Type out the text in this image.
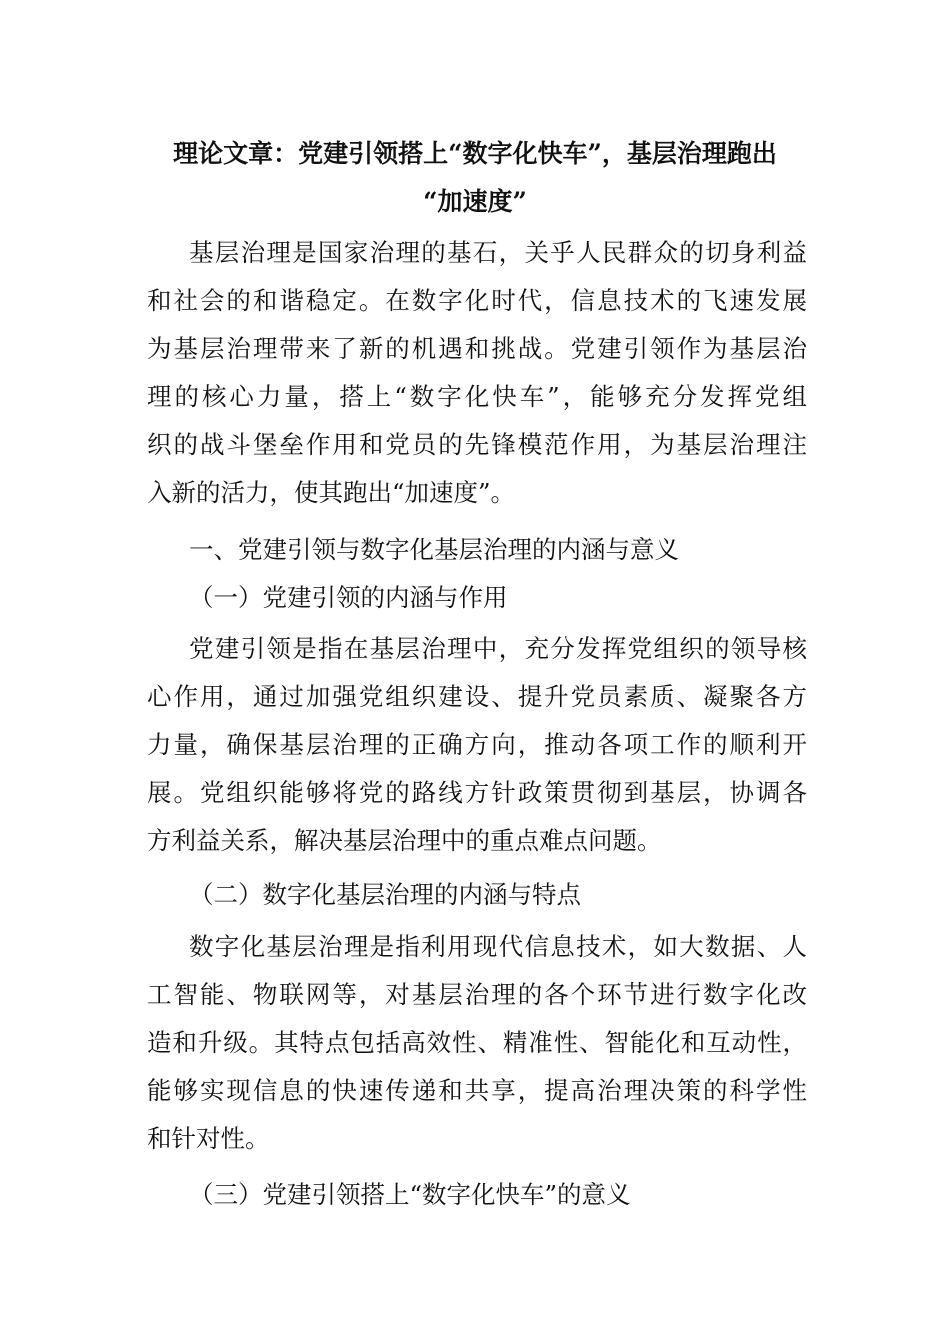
理论文章：党建引领搭上“数字化快车”，基层治理跑出
“加速度”
基层治理是国家治理的基石，关乎人民群众的切身利益
和社会的和谐稳定。在数字化时代，信息技术的飞速发展
为基层治理带来了新的机遇和挑战。党建引领作为基层治
理的核心力量，搭上“数字化快车”，能够充分发挥党组
织的战斗堡垒作用和党员的先锋模范作用，为基层治理注
入新的活力，使其跑出“加速度”。
一、党建引领与数字化基层治理的内涵与意义
（一）党建引领的内涵与作用
党建引领是指在基层治理中，充分发挥党组织的领导核
心作用，通过加强党组织建设、提升党员素质、凝聚各方
力量，确保基层治理的正确方向，推动各项工作的顺利开
展。党组织能够将党的路线方针政策贯彻到基层，协调各
方利益关系，解决基层治理中的重点难点问题。
（二）数字化基层治理的内涵与特点
数字化基层治理是指利用现代信息技术，如大数据、人
工智能、物联网等，对基层治理的各个环节进行数字化改
造和升级。其特点包括高效性、精准性、智能化和互动性，
能够实现信息的快速传递和共享，提高治理决策的科学性
和针对性。
（三）党建引领搭上“数字化快车”的意义
